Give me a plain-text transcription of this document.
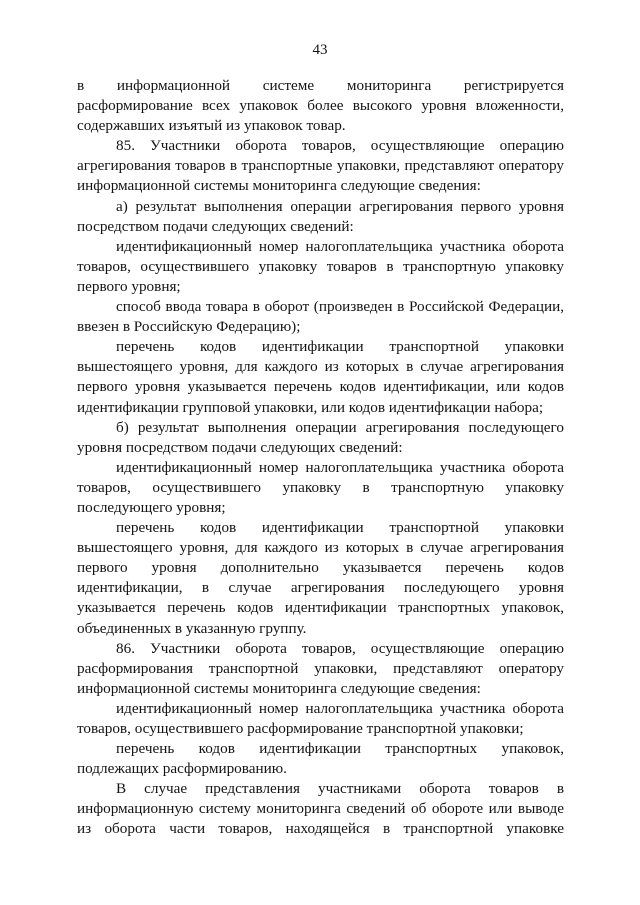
43

в информационной системе мониторинга регистрируется расформирование всех упаковок более высокого уровня вложенности, содержавших изъятый из упаковок товар.

85. Участники оборота товаров, осуществляющие операцию агрегирования товаров в транспортные упаковки, представляют оператору информационной системы мониторинга следующие сведения:

а) результат выполнения операции агрегирования первого уровня посредством подачи следующих сведений:

идентификационный номер налогоплательщика участника оборота товаров, осуществившего упаковку товаров в транспортную упаковку первого уровня;

способ ввода товара в оборот (произведен в Российской Федерации, ввезен в Российскую Федерацию);

перечень кодов идентификации транспортной упаковки вышестоящего уровня, для каждого из которых в случае агрегирования первого уровня указывается перечень кодов идентификации, или кодов идентификации групповой упаковки, или кодов идентификации набора;

б) результат выполнения операции агрегирования последующего уровня посредством подачи следующих сведений:

идентификационный номер налогоплательщика участника оборота товаров, осуществившего упаковку в транспортную упаковку последующего уровня;

перечень кодов идентификации транспортной упаковки вышестоящего уровня, для каждого из которых в случае агрегирования первого уровня дополнительно указывается перечень кодов идентификации, в случае агрегирования последующего уровня указывается перечень кодов идентификации транспортных упаковок, объединенных в указанную группу.

86. Участники оборота товаров, осуществляющие операцию расформирования транспортной упаковки, представляют оператору информационной системы мониторинга следующие сведения:

идентификационный номер налогоплательщика участника оборота товаров, осуществившего расформирование транспортной упаковки;

перечень кодов идентификации транспортных упаковок, подлежащих расформированию.

В случае представления участниками оборота товаров в информационную систему мониторинга сведений об обороте или выводе из оборота части товаров, находящейся в транспортной упаковке
